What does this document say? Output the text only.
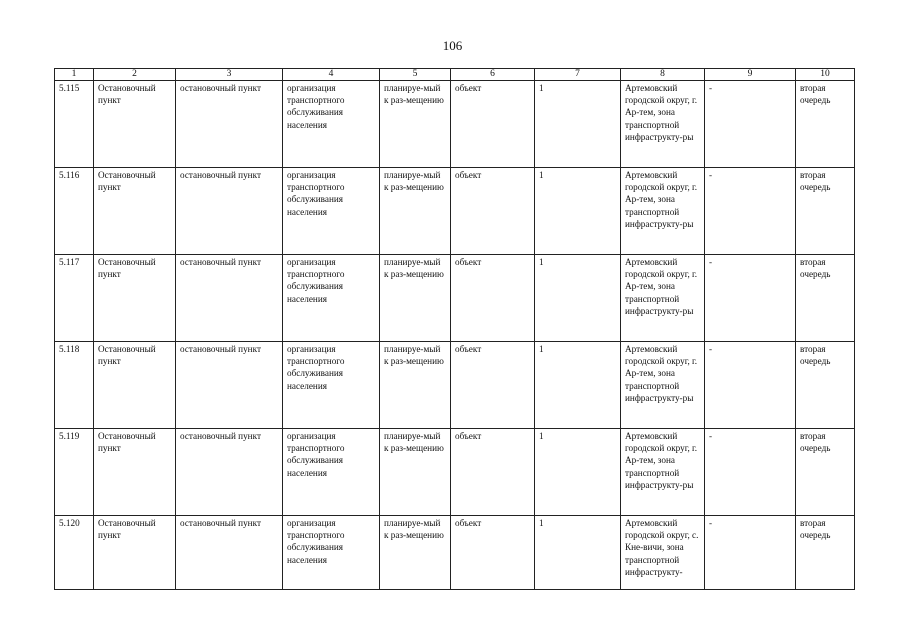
106
1	2	3	4	5	6	7	8	9	10
5.115	Остановочный пункт	остановочный пункт	организация транспортного обслуживания населения	планируе-мый к раз-мещению	объект	1	Артемовский городской округ, г. Ар-тем, зона транспортной инфраструкту-ры	-	вторая очередь
5.116	Остановочный пункт	остановочный пункт	организация транспортного обслуживания населения	планируе-мый к раз-мещению	объект	1	Артемовский городской округ, г. Ар-тем, зона транспортной инфраструкту-ры	-	вторая очередь
5.117	Остановочный пункт	остановочный пункт	организация транспортного обслуживания населения	планируе-мый к раз-мещению	объект	1	Артемовский городской округ, г. Ар-тем, зона транспортной инфраструкту-ры	-	вторая очередь
5.118	Остановочный пункт	остановочный пункт	организация транспортного обслуживания населения	планируе-мый к раз-мещению	объект	1	Артемовский городской округ, г. Ар-тем, зона транспортной инфраструкту-ры	-	вторая очередь
5.119	Остановочный пункт	остановочный пункт	организация транспортного обслуживания населения	планируе-мый к раз-мещению	объект	1	Артемовский городской округ, г. Ар-тем, зона транспортной инфраструкту-ры	-	вторая очередь
5.120	Остановочный пункт	остановочный пункт	организация транспортного обслуживания населения	планируе-мый к раз-мещению	объект	1	Артемовский городской округ, с. Кне-вичи, зона транспортной инфраструкту-	-	вторая очередь
